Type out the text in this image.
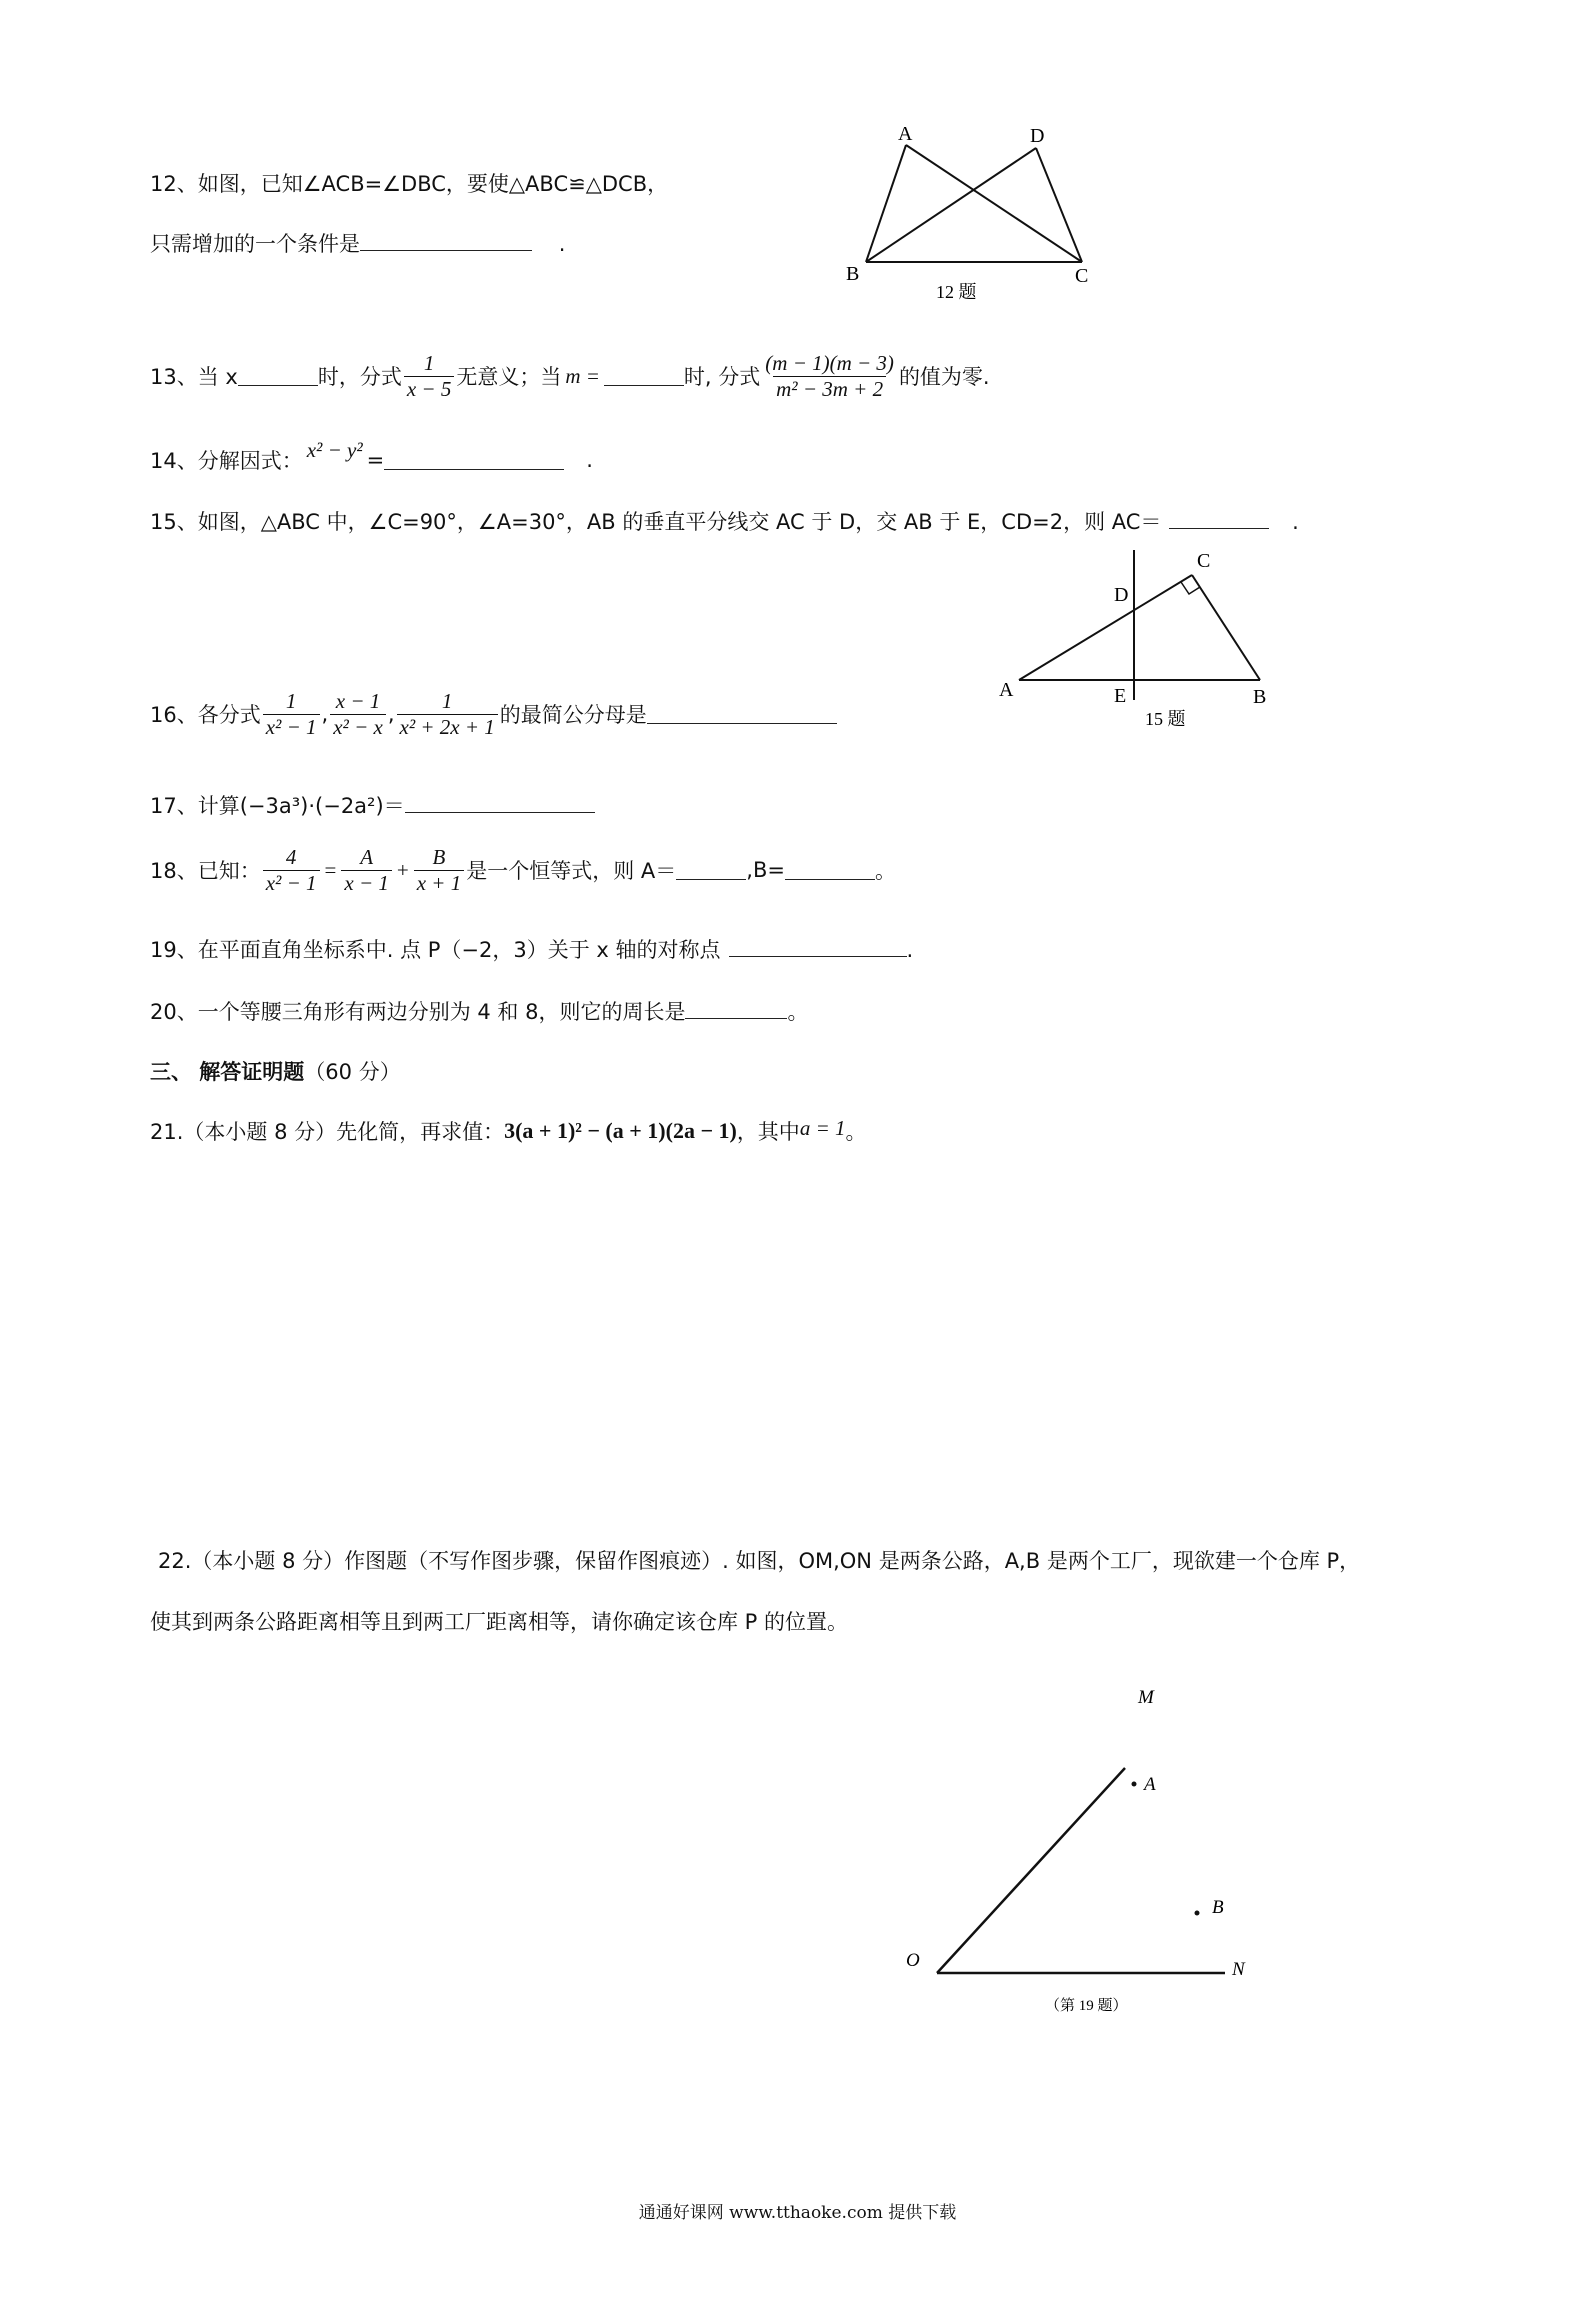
12、如图，已知∠ACB=∠DBC，要使△ABC≌△DCB，
只需增加的一个条件是	.
A	D
B	C
12 题
13、当 x	时，分式 $\frac{1}{x - 5}$ 无意义；当 m =	时, 分式 $\frac{(m - 1)(m - 3)}{\text{m² − 3m + 2}}$ 的值为零.
14、分解因式： x² − y² =	.
15、如图，△ABC 中，∠C=90°，∠A=30°，AB 的垂直平分线交 AC 于 D，交 AB 于 E，CD=2，则 AC＝	.
A	B
C
D
E
15 题
16、各分式 $\frac{1}{\text{x² − 1}}$ , $\frac{x - 1}{\text{x² − x}}$ , $\frac{1}{\text{x² + 2x + 1}}$ 的最简公分母是
17、计算(−3a³)·(−2a²)＝
18、已知： $\frac{4}{\text{x² − 1}} = \frac{A}{x - 1} + \frac{B}{x + 1}$ 是一个恒等式，则 A＝	,B=	。
19、在平面直角坐标系中. 点 P（−2，3）关于 x 轴的对称点	.
20、一个等腰三角形有两边分别为 4 和 8，则它的周长是	。
三、 解答证明题（60 分）
21.（本小题 8 分）先化简，再求值： 3(a + 1)² − (a + 1)(2a − 1) ，其中 a = 1 。
22.（本小题 8 分）作图题（不写作图步骤，保留作图痕迹）. 如图，OM,ON 是两条公路，A,B 是两个工厂，现欲建一个仓库 P，
使其到两条公路距离相等且到两工厂距离相等，请你确定该仓库 P 的位置。
M
A
B
O	N
（第 19 题）
通通好课网 www.tthaoke.com 提供下载
